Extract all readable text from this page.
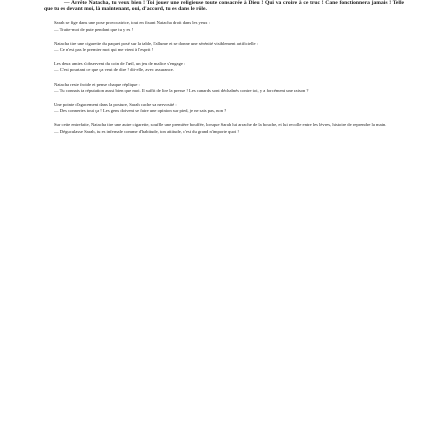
— Arrête Natacha, tu veux bien ! Toi jouer une religieuse toute consacrée à Dieu ! Qui va croire à ce truc ! Cane fonctionnera jamais ! Telle que tu es devant moi, là maintenant, oui, d'accord, tu es dans le rôle.

Sarah se fige dans une pose provocatrice, tout en fixant Natacha droit dans les yeux :

— Traite-moi de pute pendant que tu y es !

Natacha tire une cigarette du paquet posé sur la table, l'allume et se donne une sérénité visiblement artificielle :

— Ce n'est pas le premier mot qui me vient à l'esprit !

Les deux amies s'observent du coin de l'œil, un jeu de malice s'engage :

— C'est pourtant ce que ça veut de dire ! dit-elle, avec assurance.

Natacha reste froide et pense chaque réplique :

— Tu connais ta réputation aussi bien que moi. Il suffit de lire la presse ! Les canards sont déchaînés contre toi, y a forcément une raison ?

Une pointe d'agacement dans la posture, Sarah cache sa nervosité :

— Des conneries tout ça ! Les gens doivent se faire une opinion sur pied, je ne sais pas, non ?

Sur cette entrefaite, Natacha tire une autre cigarette, souffle une première bouffée, lorsque Sarah lui arrache de la bouche, et lui recolle entre les lèvres, histoire de reprendre la main.

— Déguculasse Sarah, tu es infernale comme d'habitude, ton attitude, c'est du grand n'importe quoi !
